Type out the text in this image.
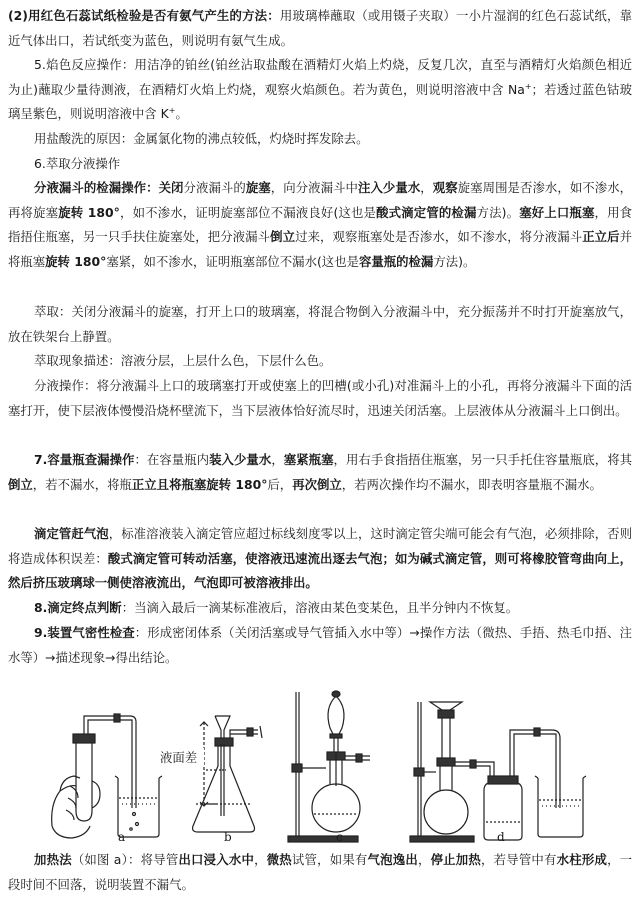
(2)用红色石蕊试纸检验是否有氨气产生的方法：用玻璃棒蘸取（或用镊子夹取）一小片湿润的红色石蕊试纸，靠近气体出口，若试纸变为蓝色，则说明有氨气生成。

5.焰色反应操作：用洁净的铂丝(铂丝沾取盐酸在酒精灯火焰上灼烧，反复几次，直至与酒精灯火焰颜色相近为止)蘸取少量待测液，在酒精灯火焰上灼烧，观察火焰颜色。若为黄色，则说明溶液中含 Na+；若透过蓝色钴玻璃呈紫色，则说明溶液中含 K+。

用盐酸洗的原因：金属氯化物的沸点较低，灼烧时挥发除去。

6.萃取分液操作

分液漏斗的检漏操作：关闭分液漏斗的旋塞，向分液漏斗中注入少量水，观察旋塞周围是否渗水，如不渗水，再将旋塞旋转 180°，如不渗水，证明旋塞部位不漏液良好(这也是酸式滴定管的检漏方法)。塞好上口瓶塞，用食指捂住瓶塞，另一只手扶住旋塞处，把分液漏斗倒立过来，观察瓶塞处是否渗水，如不渗水，将分液漏斗正立后并将瓶塞旋转 180°塞紧，如不渗水，证明瓶塞部位不漏水(这也是容量瓶的检漏方法)。

萃取：关闭分液漏斗的旋塞，打开上口的玻璃塞，将混合物倒入分液漏斗中，充分振荡并不时打开旋塞放气，放在铁架台上静置。

萃取现象描述：溶液分层，上层什么色，下层什么色。

分液操作：将分液漏斗上口的玻璃塞打开或使塞上的凹槽(或小孔)对准漏斗上的小孔，再将分液漏斗下面的活塞打开，使下层液体慢慢沿烧杯壁流下，当下层液体恰好流尽时，迅速关闭活塞。上层液体从分液漏斗上口倒出。

7.容量瓶查漏操作：在容量瓶内装入少量水，塞紧瓶塞，用右手食指捂住瓶塞，另一只手托住容量瓶底，将其倒立，若不漏水，将瓶正立且将瓶塞旋转 180°后，再次倒立，若两次操作均不漏水，即表明容量瓶不漏水。

滴定管赶气泡，标准溶液装入滴定管应超过标线刻度零以上，这时滴定管尖端可能会有气泡，必须排除，否则将造成体积误差：酸式滴定管可转动活塞，使溶液迅速流出逐去气泡；如为碱式滴定管，则可将橡胶管弯曲向上，然后挤压玻璃球一侧使溶液流出，气泡即可被溶液排出。

8.滴定终点判断：当滴入最后一滴某标准液后，溶液由某色变某色，且半分钟内不恢复。

9.装置气密性检查：形成密闭体系（关闭活塞或导气管插入水中等）→操作方法（微热、手捂、热毛巾捂、注水等）→描述现象→得出结论。

液面差
a	b	c	d

加热法（如图 a）：将导管出口浸入水中，微热试管，如果有气泡逸出，停止加热，若导管中有水柱形成，一段时间不回落，说明装置不漏气。
